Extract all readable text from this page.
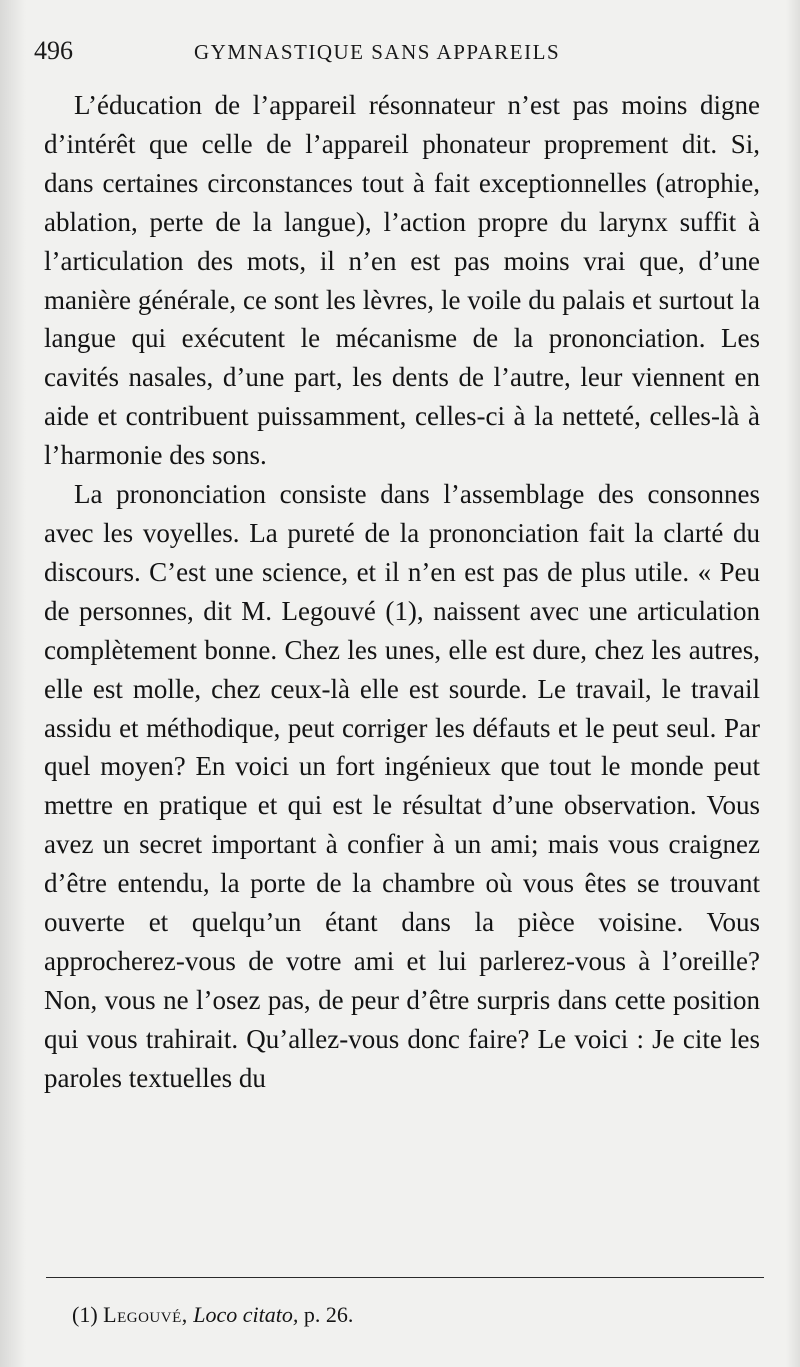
496	GYMNASTIQUE SANS APPAREILS

L’éducation de l’appareil résonnateur n’est pas moins digne d’intérêt que celle de l’appareil phonateur proprement dit. Si, dans certaines circonstances tout à fait exceptionnelles (atrophie, ablation, perte de la langue), l’action propre du larynx suffit à l’articulation des mots, il n’en est pas moins vrai que, d’une manière générale, ce sont les lèvres, le voile du palais et surtout la langue qui exécutent le mécanisme de la prononciation. Les cavités nasales, d’une part, les dents de l’autre, leur viennent en aide et contribuent puissamment, celles-ci à la netteté, celles-là à l’harmonie des sons.

La prononciation consiste dans l’assemblage des consonnes avec les voyelles. La pureté de la prononciation fait la clarté du discours. C’est une science, et il n’en est pas de plus utile. « Peu de personnes, dit M. Legouvé (1), naissent avec une articulation complètement bonne. Chez les unes, elle est dure, chez les autres, elle est molle, chez ceux-là elle est sourde. Le travail, le travail assidu et méthodique, peut corriger les défauts et le peut seul. Par quel moyen? En voici un fort ingénieux que tout le monde peut mettre en pratique et qui est le résultat d’une observation. Vous avez un secret important à confier à un ami; mais vous craignez d’être entendu, la porte de la chambre où vous êtes se trouvant ouverte et quelqu’un étant dans la pièce voisine. Vous approcherez-vous de votre ami et lui parlerez-vous à l’oreille? Non, vous ne l’osez pas, de peur d’être surpris dans cette position qui vous trahirait. Qu’allez-vous donc faire? Le voici : Je cite les paroles textuelles du

(1) Legouvé, Loco citato, p. 26.
